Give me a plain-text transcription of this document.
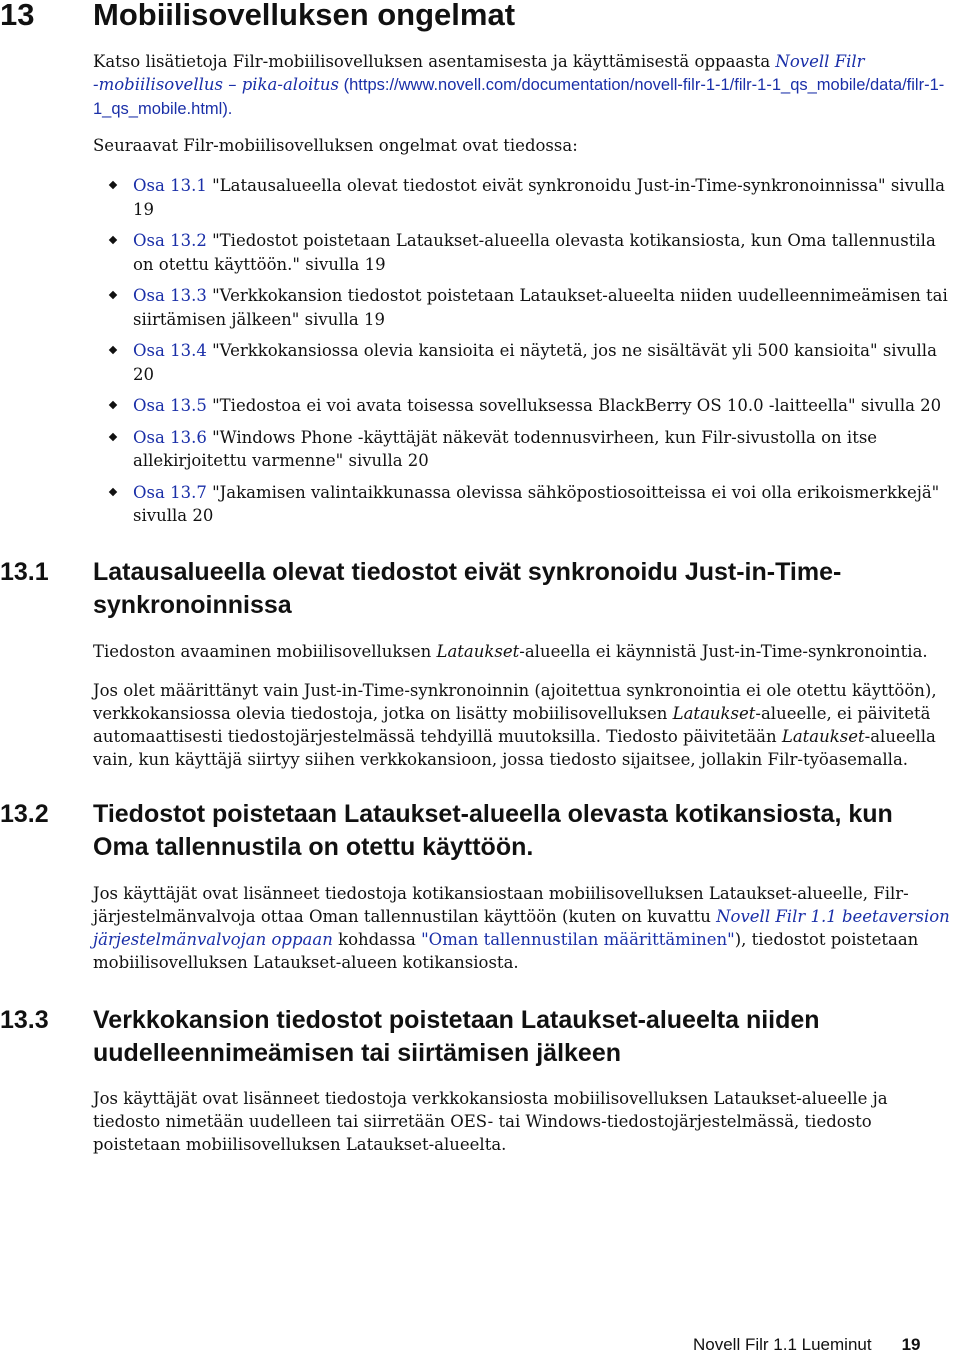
13 Mobiilisovelluksen ongelmat

Katso lisätietoja Filr-mobiilisovelluksen asentamisesta ja käyttämisestä oppaasta Novell Filr
-mobiilisovellus – pika-aloitus (https://www.novell.com/documentation/novell-filr-1-1/filr-1-1_qs_mobile/data/filr-1-1_qs_mobile.html).

Seuraavat Filr-mobiilisovelluksen ongelmat ovat tiedossa:

Osa 13.1 "Latausalueella olevat tiedostot eivät synkronoidu Just-in-Time-synkronoinnissa" sivulla 19
Osa 13.2 "Tiedostot poistetaan Lataukset-alueella olevasta kotikansiosta, kun Oma tallennustila on otettu käyttöön." sivulla 19
Osa 13.3 "Verkkokansion tiedostot poistetaan Lataukset-alueelta niiden uudelleennimeämisen tai siirtämisen jälkeen" sivulla 19
Osa 13.4 "Verkkokansiossa olevia kansioita ei näytetä, jos ne sisältävät yli 500 kansioita" sivulla 20
Osa 13.5 "Tiedostoa ei voi avata toisessa sovelluksessa BlackBerry OS 10.0 -laitteella" sivulla 20
Osa 13.6 "Windows Phone -käyttäjät näkevät todennusvirheen, kun Filr-sivustolla on itse allekirjoitettu varmenne" sivulla 20
Osa 13.7 "Jakamisen valintaikkunassa olevissa sähköpostiosoitteissa ei voi olla erikoismerkkejä" sivulla 20
13.1 Latausalueella olevat tiedostot eivät synkronoidu Just-in-Time-synkronoinnissa

Tiedoston avaaminen mobiilisovelluksen Lataukset-alueella ei käynnistä Just-in-Time-synkronointia.

Jos olet määrittänyt vain Just-in-Time-synkronoinnin (ajoitettua synkronointia ei ole otettu käyttöön), verkkokansiossa olevia tiedostoja, jotka on lisätty mobiilisovelluksen Lataukset-alueelle, ei päivitetä automaattisesti tiedostojärjestelmässä tehdyillä muutoksilla. Tiedosto päivitetään Lataukset-alueella vain, kun käyttäjä siirtyy siihen verkkokansioon, jossa tiedosto sijaitsee, jollakin Filr-työasemalla.

13.2 Tiedostot poistetaan Lataukset-alueella olevasta kotikansiosta, kun Oma tallennustila on otettu käyttöön.

Jos käyttäjät ovat lisänneet tiedostoja kotikansiostaan mobiilisovelluksen Lataukset-alueelle, Filr-järjestelmänvalvoja ottaa Oman tallennustilan käyttöön (kuten on kuvattu Novell Filr 1.1 beetaversion järjestelmänvalvojan oppaan kohdassa "Oman tallennustilan määrittäminen"), tiedostot poistetaan mobiilisovelluksen Lataukset-alueen kotikansiosta.

13.3 Verkkokansion tiedostot poistetaan Lataukset-alueelta niiden uudelleennimeämisen tai siirtämisen jälkeen

Jos käyttäjät ovat lisänneet tiedostoja verkkokansiosta mobiilisovelluksen Lataukset-alueelle ja tiedosto nimetään uudelleen tai siirretään OES- tai Windows-tiedostojärjestelmässä, tiedosto poistetaan mobiilisovelluksen Lataukset-alueelta.

Novell Filr 1.1 Lueminut 19
